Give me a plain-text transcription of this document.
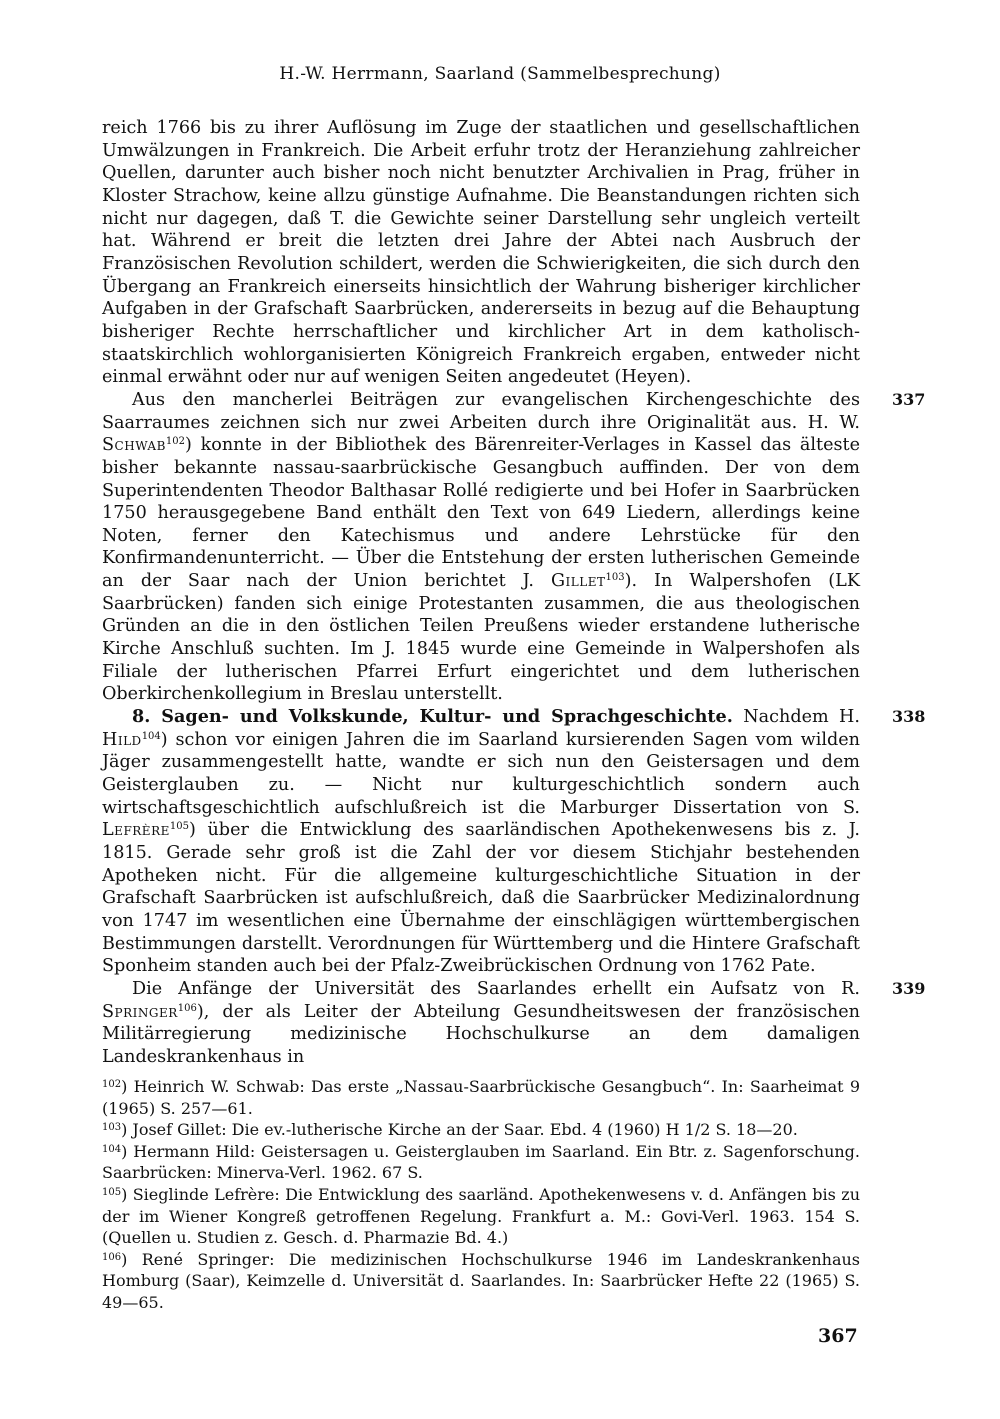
H.-W. Herrmann, Saarland (Sammelbesprechung)

reich 1766 bis zu ihrer Auflösung im Zuge der staatlichen und gesellschaftlichen Umwälzungen in Frankreich. Die Arbeit erfuhr trotz der Heranziehung zahlreicher Quellen, darunter auch bisher noch nicht benutzter Archivalien in Prag, früher in Kloster Strachow, keine allzu günstige Aufnahme. Die Beanstandungen richten sich nicht nur dagegen, daß T. die Gewichte seiner Darstellung sehr ungleich verteilt hat. Während er breit die letzten drei Jahre der Abtei nach Ausbruch der Französischen Revolution schildert, werden die Schwierigkeiten, die sich durch den Übergang an Frankreich einerseits hinsichtlich der Wahrung bisheriger kirchlicher Aufgaben in der Grafschaft Saarbrücken, andererseits in bezug auf die Behauptung bisheriger Rechte herrschaftlicher und kirchlicher Art in dem katholisch-staatskirchlich wohlorganisierten Königreich Frankreich ergaben, entweder nicht einmal erwähnt oder nur auf wenigen Seiten angedeutet (Heyen).

337
Aus den mancherlei Beiträgen zur evangelischen Kirchengeschichte des Saarraumes zeichnen sich nur zwei Arbeiten durch ihre Originalität aus. H. W. Schwab$^{102}$) konnte in der Bibliothek des Bärenreiter-Verlages in Kassel das älteste bisher bekannte nassau-saarbrückische Gesangbuch auffinden. Der von dem Superintendenten Theodor Balthasar Rollé redigierte und bei Hofer in Saarbrücken 1750 herausgegebene Band enthält den Text von 649 Liedern, allerdings keine Noten, ferner den Katechismus und andere Lehrstücke für den Konfirmandenunterricht. — Über die Entstehung der ersten lutherischen Gemeinde an der Saar nach der Union berichtet J. Gillet$^{103}$). In Walpershofen (LK Saarbrücken) fanden sich einige Protestanten zusammen, die aus theologischen Gründen an die in den östlichen Teilen Preußens wieder erstandene lutherische Kirche Anschluß suchten. Im J. 1845 wurde eine Gemeinde in Walpershofen als Filiale der lutherischen Pfarrei Erfurt eingerichtet und dem lutherischen Oberkirchenkollegium in Breslau unterstellt.

338
8. Sagen- und Volkskunde, Kultur- und Sprachgeschichte. Nachdem H. Hild$^{104}$) schon vor einigen Jahren die im Saarland kursierenden Sagen vom wilden Jäger zusammengestellt hatte, wandte er sich nun den Geistersagen und dem Geisterglauben zu. — Nicht nur kulturgeschichtlich sondern auch wirtschaftsgeschichtlich aufschlußreich ist die Marburger Dissertation von S. Lefrère$^{105}$) über die Entwicklung des saarländischen Apothekenwesens bis z. J. 1815. Gerade sehr groß ist die Zahl der vor diesem Stichjahr bestehenden Apotheken nicht. Für die allgemeine kulturgeschichtliche Situation in der Grafschaft Saarbrücken ist aufschlußreich, daß die Saarbrücker Medizinalordnung von 1747 im wesentlichen eine Übernahme der einschlägigen württembergischen Bestimmungen darstellt. Verordnungen für Württemberg und die Hintere Grafschaft Sponheim standen auch bei der Pfalz-Zweibrückischen Ordnung von 1762 Pate.

339
Die Anfänge der Universität des Saarlandes erhellt ein Aufsatz von R. Springer$^{106}$), der als Leiter der Abteilung Gesundheitswesen der französischen Militärregierung medizinische Hochschulkurse an dem damaligen Landeskrankenhaus in

$^{102}$) Heinrich W. Schwab: Das erste „Nassau-Saarbrückische Gesangbuch“. In: Saarheimat 9 (1965) S. 257—61.

$^{103}$) Josef Gillet: Die ev.-lutherische Kirche an der Saar. Ebd. 4 (1960) H 1/2 S. 18—20.

$^{104}$) Hermann Hild: Geistersagen u. Geisterglauben im Saarland. Ein Btr. z. Sagenforschung. Saarbrücken: Minerva-Verl. 1962. 67 S.

$^{105}$) Sieglinde Lefrère: Die Entwicklung des saarländ. Apothekenwesens v. d. Anfängen bis zu der im Wiener Kongreß getroffenen Regelung. Frankfurt a. M.: Govi-Verl. 1963. 154 S. (Quellen u. Studien z. Gesch. d. Pharmazie Bd. 4.)

$^{106}$) René Springer: Die medizinischen Hochschulkurse 1946 im Landeskrankenhaus Homburg (Saar), Keimzelle d. Universität d. Saarlandes. In: Saarbrücker Hefte 22 (1965) S. 49—65.

367
